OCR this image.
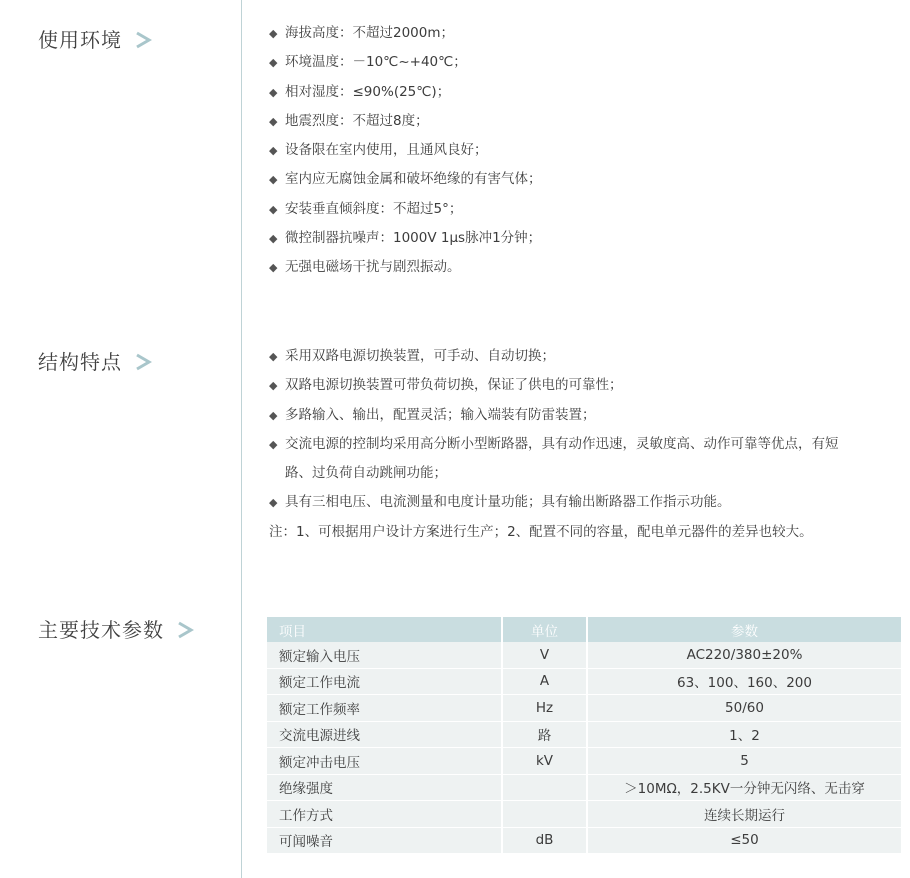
使用环境	◆ 海拔高度：不超过2000m；
◆ 环境温度：－10℃~+40℃；
◆ 相对湿度：≤90%(25℃)；
◆ 地震烈度：不超过8度；
◆ 设备限在室内使用，且通风良好；
◆ 室内应无腐蚀金属和破坏绝缘的有害气体；
◆ 安装垂直倾斜度：不超过5°；
◆ 微控制器抗噪声：1000V 1μs脉冲1分钟；
◆ 无强电磁场干扰与剧烈振动。
结构特点	◆ 采用双路电源切换装置，可手动、自动切换；
◆ 双路电源切换装置可带负荷切换，保证了供电的可靠性；
◆ 多路输入、输出，配置灵活；输入端装有防雷装置；
◆ 交流电源的控制均采用高分断小型断路器，具有动作迅速，灵敏度高、动作可靠等优点，有短
路、过负荷自动跳闸功能；
◆ 具有三相电压、电流测量和电度计量功能；具有输出断路器工作指示功能。
注：1、可根据用户设计方案进行生产；2、配置不同的容量，配电单元器件的差异也较大。
主要技术参数	项目	单位	参数
额定输入电压	V	AC220/380±20%
额定工作电流	A	63、100、160、200
额定工作频率	Hz	50/60
交流电源进线	路	1、2
额定冲击电压	kV	5
绝缘强度		＞10MΩ，2.5KV一分钟无闪络、无击穿
工作方式		连续长期运行
可闻噪音	dB	≤50
